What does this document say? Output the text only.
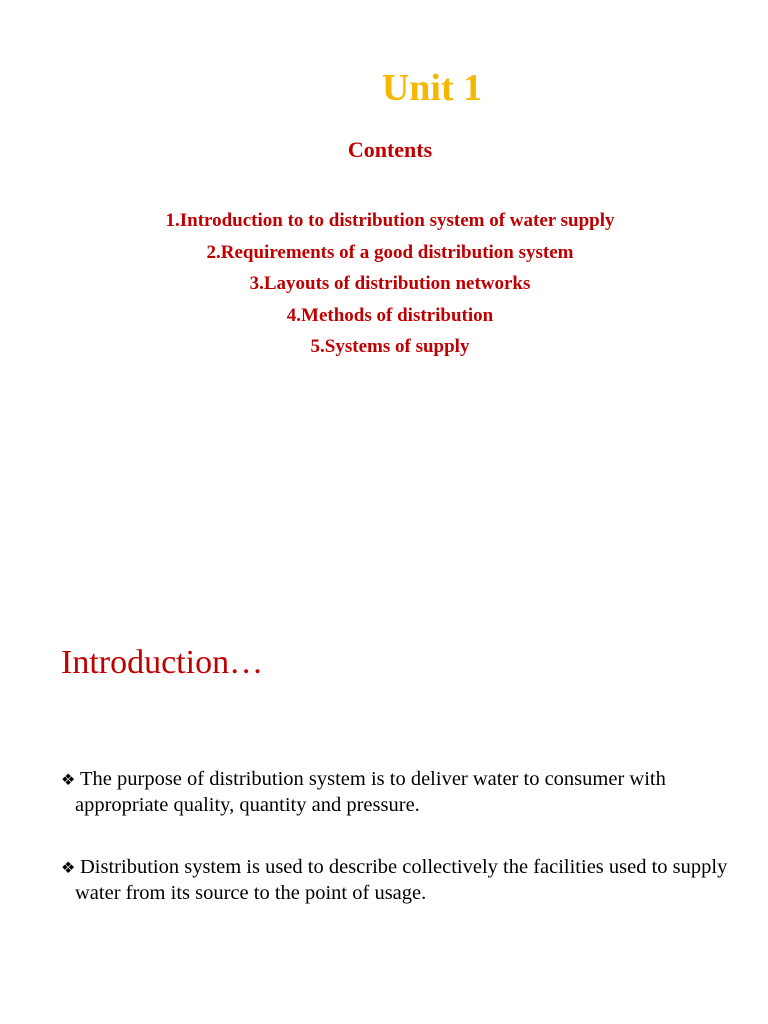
Unit 1
Contents
1.Introduction to to distribution system of water supply
2.Requirements of a good distribution system
3.Layouts of distribution networks
4.Methods of distribution
5.Systems of supply
Introduction…

❖ The purpose of distribution system is to deliver water to consumer with appropriate quality, quantity and pressure.

❖ Distribution system is used to describe collectively the facilities used to supply water from its source to the point of usage.
